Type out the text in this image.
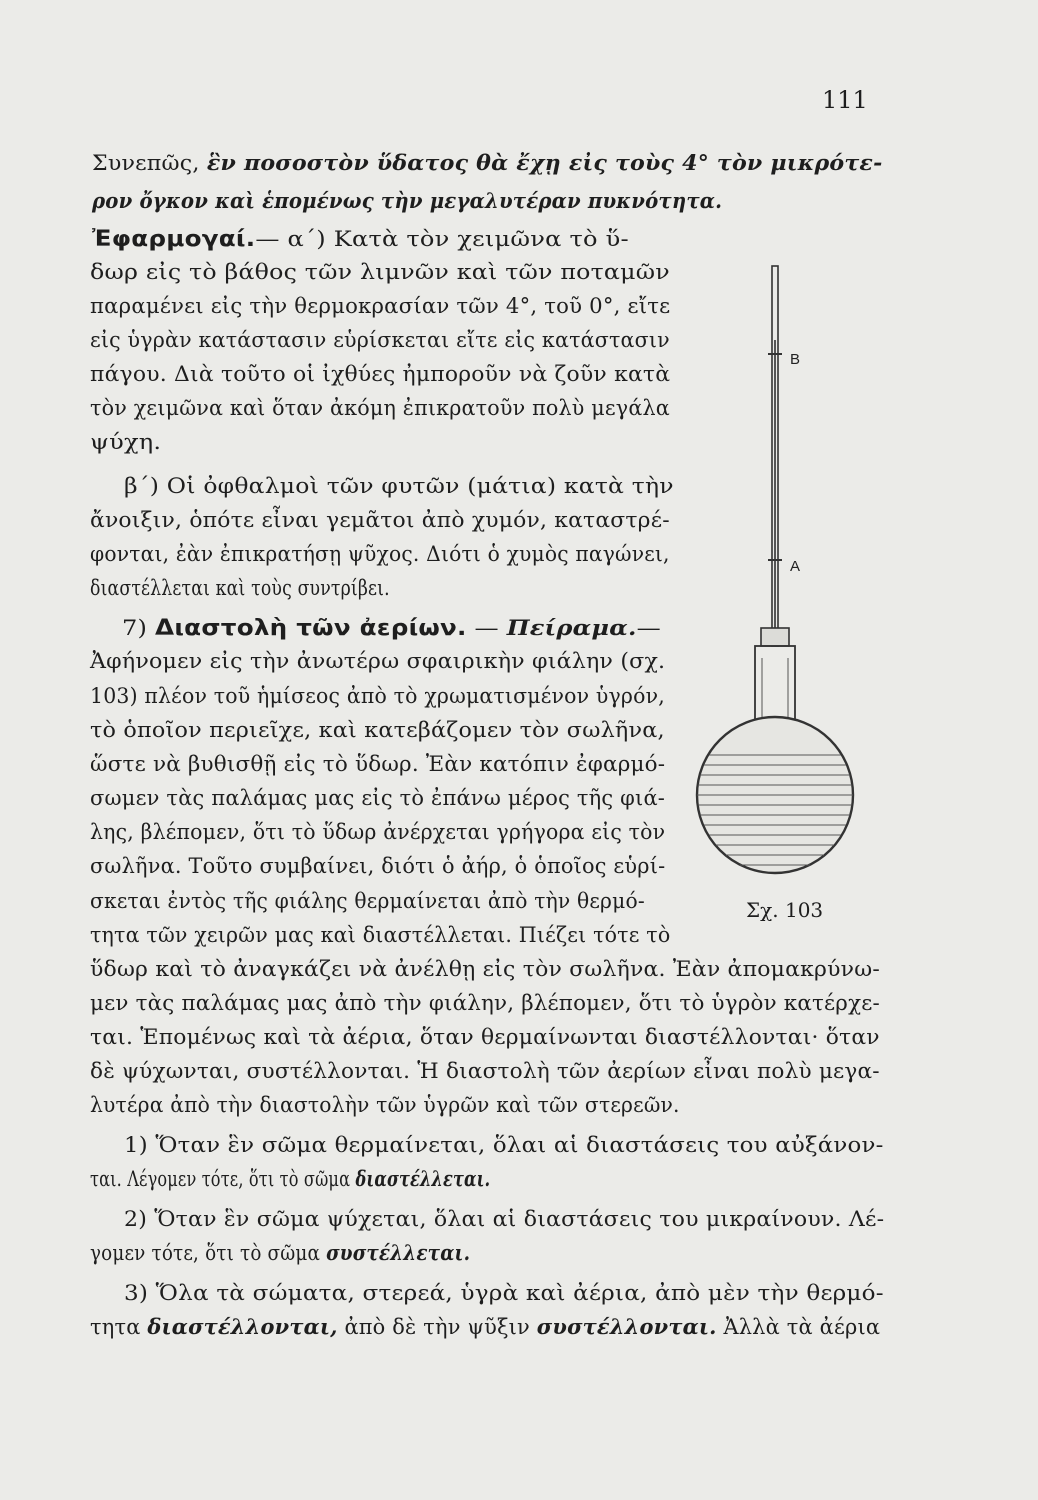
111
Συνεπῶς, ἓν ποσοστὸν ὕδατος θὰ ἔχῃ εἰς τοὺς 4° τὸν μικρότε-
ρον ὄγκον καὶ ἑπομένως τὴν μεγαλυτέραν πυκνότητα.
Ἐφαρμογαί.— α΄) Κατὰ τὸν χειμῶνα τὸ ὕ-
δωρ εἰς τὸ βάθος τῶν λιμνῶν καὶ τῶν ποταμῶν
παραμένει εἰς τὴν θερμοκρασίαν τῶν 4°, τοῦ 0°, εἴτε
εἰς ὑγρὰν κατάστασιν εὑρίσκεται εἴτε εἰς κατάστασιν
πάγου. Διὰ τοῦτο οἱ ἰχθύες ἠμποροῦν νὰ ζοῦν κατὰ
τὸν χειμῶνα καὶ ὅταν ἀκόμη ἐπικρατοῦν πολὺ μεγάλα
ψύχη.
β΄) Οἱ ὀφθαλμοὶ τῶν φυτῶν (μάτια) κατὰ τὴν
ἄνοιξιν, ὁπότε εἶναι γεμᾶτοι ἀπὸ χυμόν, καταστρέ-
φονται, ἐὰν ἐπικρατήσῃ ψῦχος. Διότι ὁ χυμὸς παγώνει,
διαστέλλεται καὶ τοὺς συντρίβει.
7) Διαστολὴ τῶν ἀερίων. — Πείραμα.—
Ἀφήνομεν εἰς τὴν ἀνωτέρω σφαιρικὴν φιάλην (σχ.
103) πλέον τοῦ ἡμίσεος ἀπὸ τὸ χρωματισμένον ὑγρόν,
τὸ ὁποῖον περιεῖχε, καὶ κατεβάζομεν τὸν σωλῆνα,
ὥστε νὰ βυθισθῇ εἰς τὸ ὕδωρ. Ἐὰν κατόπιν ἐφαρμό-
σωμεν τὰς παλάμας μας εἰς τὸ ἐπάνω μέρος τῆς φιά-
λης, βλέπομεν, ὅτι τὸ ὕδωρ ἀνέρχεται γρήγορα εἰς τὸν
σωλῆνα. Τοῦτο συμβαίνει, διότι ὁ ἀήρ, ὁ ὁποῖος εὑρί-
σκεται ἐντὸς τῆς φιάλης θερμαίνεται ἀπὸ τὴν θερμό-
τητα τῶν χειρῶν μας καὶ διαστέλλεται. Πιέζει τότε τὸ
ὕδωρ καὶ τὸ ἀναγκάζει νὰ ἀνέλθῃ εἰς τὸν σωλῆνα. Ἐὰν ἀπομακρύνω-
μεν τὰς παλάμας μας ἀπὸ τὴν φιάλην, βλέπομεν, ὅτι τὸ ὑγρὸν κατέρχε-
ται. Ἑπομένως καὶ τὰ ἀέρια, ὅταν θερμαίνωνται διαστέλλονται· ὅταν
δὲ ψύχωνται, συστέλλονται. Ἡ διαστολὴ τῶν ἀερίων εἶναι πολὺ μεγα-
λυτέρα ἀπὸ τὴν διαστολὴν τῶν ὑγρῶν καὶ τῶν στερεῶν.
1) Ὅταν ἓν σῶμα θερμαίνεται, ὅλαι αἱ διαστάσεις του αὐξάνον-
ται. Λέγομεν τότε, ὅτι τὸ σῶμα διαστέλλεται.
2) Ὅταν ἓν σῶμα ψύχεται, ὅλαι αἱ διαστάσεις του μικραίνουν. Λέ-
γομεν τότε, ὅτι τὸ σῶμα συστέλλεται.
3) Ὅλα τὰ σώματα, στερεά, ὑγρὰ καὶ ἀέρια, ἀπὸ μὲν τὴν θερμό-
τητα διαστέλλονται, ἀπὸ δὲ τὴν ψῦξιν συστέλλονται. Ἀλλὰ τὰ ἀέρια
B
A
Σχ. 103
